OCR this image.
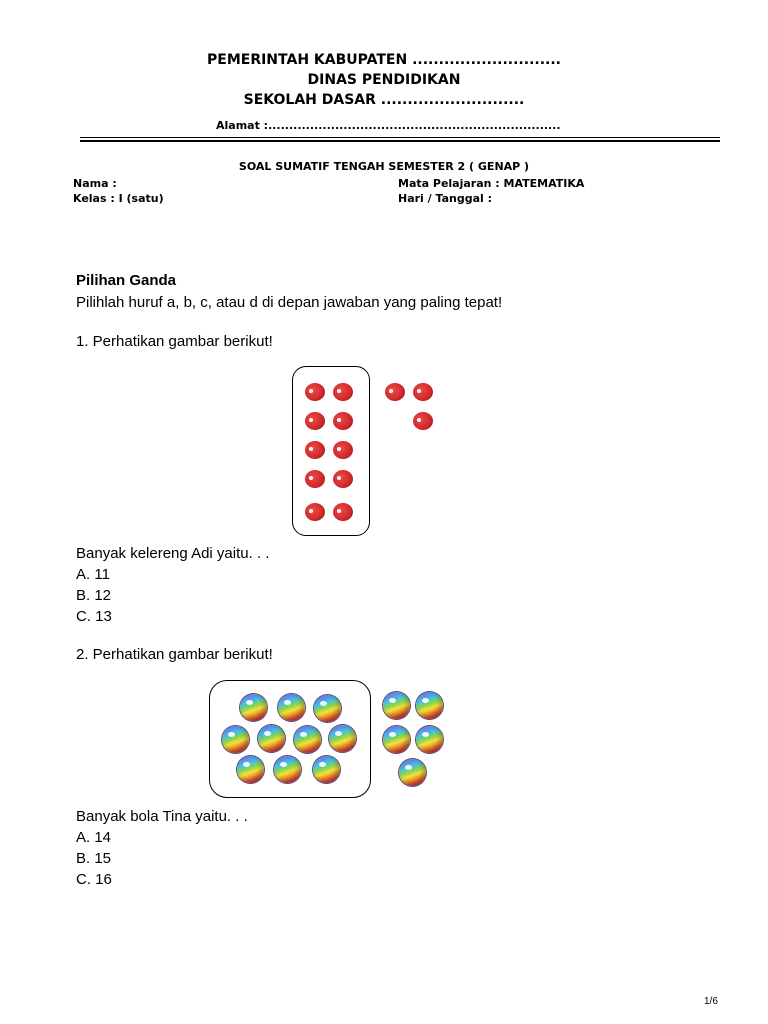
PEMERINTAH KABUPATEN ............................
DINAS PENDIDIKAN
SEKOLAH DASAR ...........................
Alamat :......................................................................
SOAL SUMATIF TENGAH SEMESTER 2 ( GENAP )
Nama :
Kelas : I (satu)
Mata Pelajaran : MATEMATIKA
Hari / Tanggal :
Pilihan Ganda
Pilihlah huruf a, b, c, atau d di depan jawaban yang paling tepat!
1. Perhatikan gambar berikut!
Banyak kelereng Adi yaitu. . .
A. 11
B. 12
C. 13
2. Perhatikan gambar berikut!
Banyak bola Tina yaitu. . .
A. 14
B. 15
C. 16
1/6
